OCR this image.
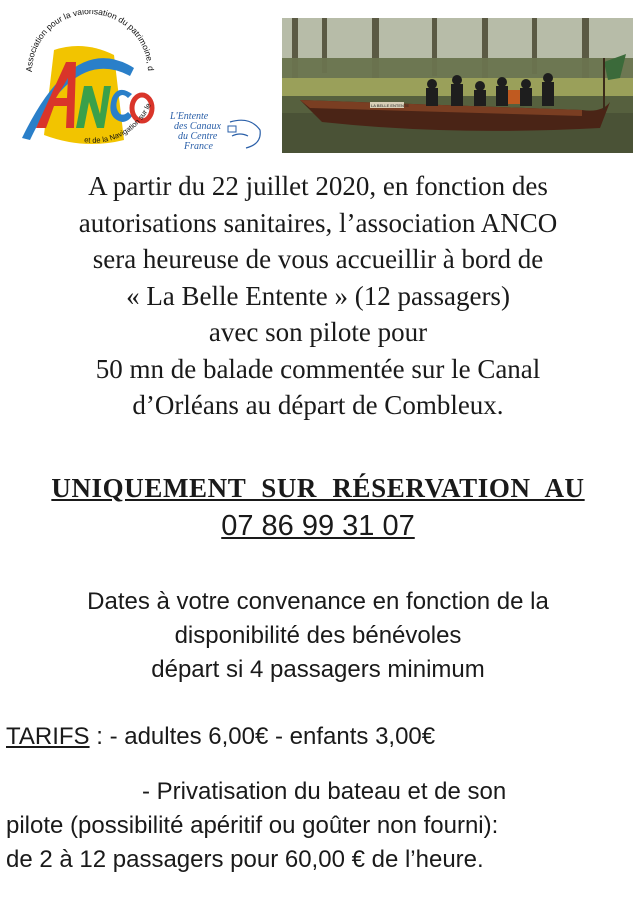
Association pour la valorisation du patrimoine, d
et de la Navigation sur le
L'Entente
des Canaux
du Centre
France
LA BELLE ENTENTE
A partir du 22 juillet 2020, en fonction des
autorisations sanitaires, l’association ANCO
sera heureuse de vous accueillir à bord de
« La Belle Entente » (12 passagers)
avec son pilote pour
50 mn de balade commentée sur le Canal
d’Orléans au départ de Combleux.
UNIQUEMENT SUR RÉSERVATION AU
07 86 99 31 07
Dates à votre convenance en fonction de la
disponibilité des bénévoles
départ si 4 passagers minimum
TARIFS : - adultes 6,00€ - enfants 3,00€
- Privatisation du bateau et de son
pilote (possibilité apéritif ou goûter non fourni):
de 2 à 12 passagers pour 60,00 € de l’heure.
